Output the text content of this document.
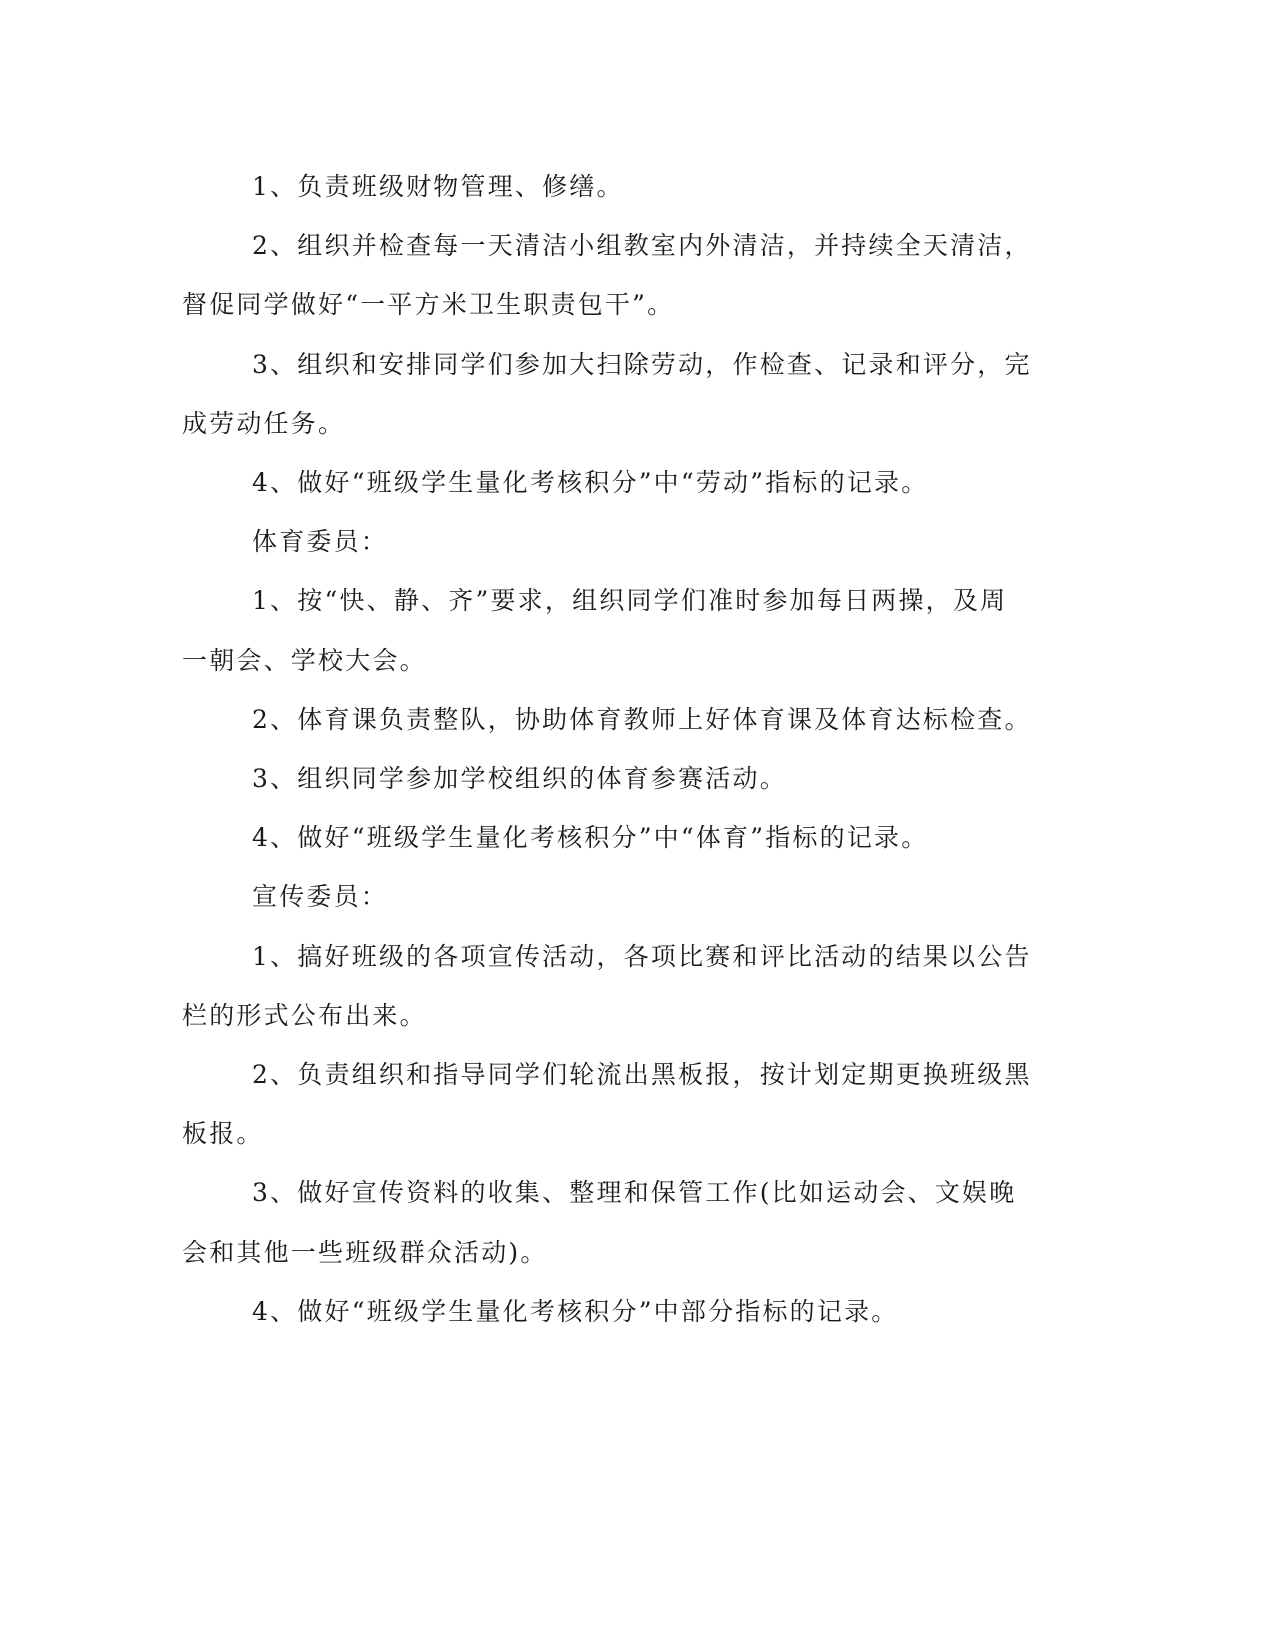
1、负责班级财物管理、修缮。

2、组织并检查每一天清洁小组教室内外清洁，并持续全天清洁，督促同学做好“一平方米卫生职责包干”。

3、组织和安排同学们参加大扫除劳动，作检查、记录和评分，完成劳动任务。

4、做好“班级学生量化考核积分”中“劳动”指标的记录。

体育委员：

1、按“快、静、齐”要求，组织同学们准时参加每日两操，及周一朝会、学校大会。

2、体育课负责整队，协助体育教师上好体育课及体育达标检查。

3、组织同学参加学校组织的体育参赛活动。

4、做好“班级学生量化考核积分”中“体育”指标的记录。

宣传委员：

1、搞好班级的各项宣传活动，各项比赛和评比活动的结果以公告栏的形式公布出来。

2、负责组织和指导同学们轮流出黑板报，按计划定期更换班级黑板报。

3、做好宣传资料的收集、整理和保管工作(比如运动会、文娱晚会和其他一些班级群众活动)。

4、做好“班级学生量化考核积分”中部分指标的记录。
